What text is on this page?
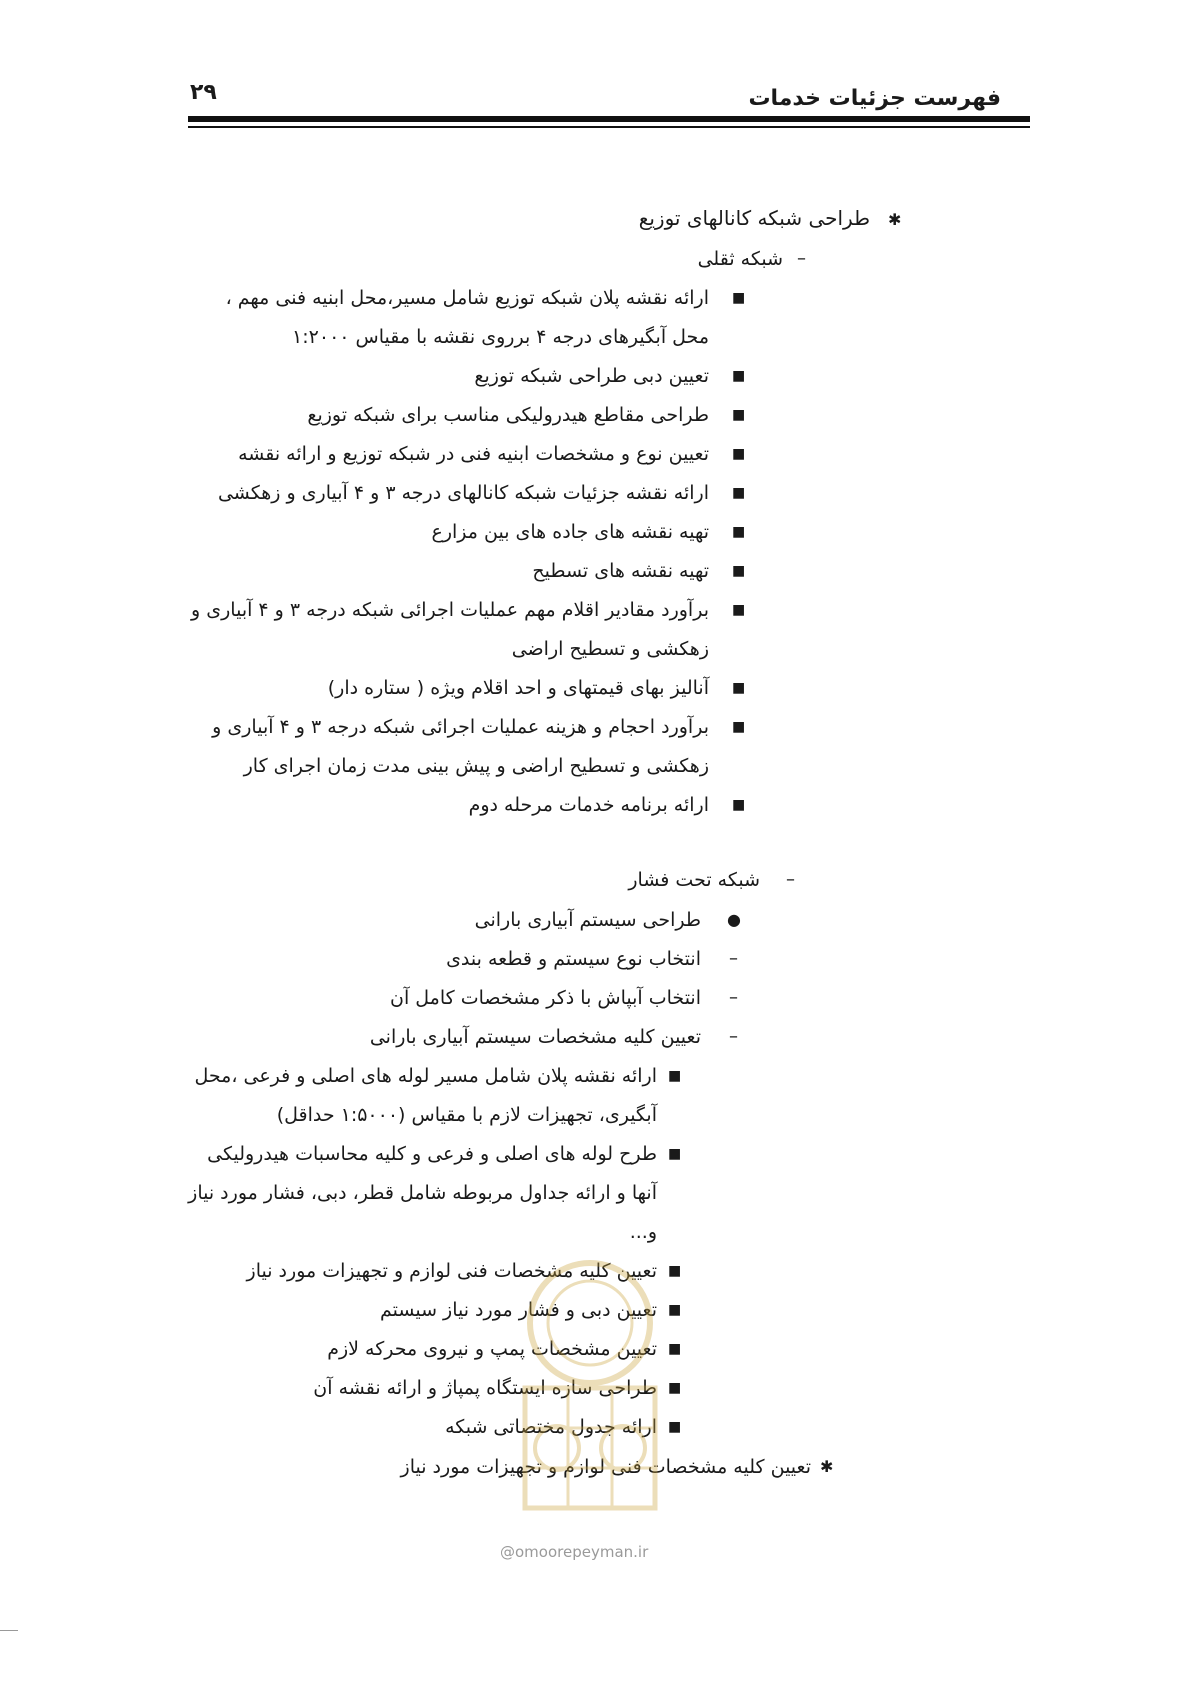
۲۹	فهرست جزئیات خدمات
✱
طراحی شبکه کانالهای توزیع
–
شبکه ثقلی
■
ارائه نقشه پلان شبکه توزیع شامل مسیر،محل ابنیه فنی مهم ،
محل آبگیرهای درجه ۴ برروی نقشه با مقیاس ۱:۲۰۰۰
■
تعیین دبی طراحی شبکه توزیع
■
طراحی مقاطع هیدرولیکی مناسب برای شبکه توزیع
■
تعیین نوع و مشخصات ابنیه فنی در شبکه توزیع و ارائه نقشه
■
ارائه نقشه جزئیات شبکه کانالهای درجه ۳ و ۴ آبیاری و زهکشی
■
تهیه نقشه های جاده های بین مزارع
■
تهیه نقشه های تسطیح
■
برآورد مقادیر اقلام مهم عملیات اجرائی شبکه درجه ۳ و ۴ آبیاری و
زهکشی و تسطیح اراضی
■
آنالیز بهای قیمتهای و احد اقلام ویژه ( ستاره دار)
■
برآورد احجام و هزینه عملیات اجرائی شبکه درجه ۳ و ۴ آبیاری و
زهکشی و تسطیح اراضی و پیش بینی مدت زمان اجرای کار
■
ارائه برنامه خدمات مرحله دوم
–
شبکه تحت فشار
●
طراحی سیستم آبیاری بارانی
–
انتخاب نوع سیستم و قطعه بندی
–
انتخاب آبپاش با ذکر مشخصات کامل آن
–
تعیین کلیه مشخصات سیستم آبیاری بارانی
■
ارائه نقشه پلان شامل مسیر لوله های اصلی و فرعی ،محل
آبگیری، تجهیزات لازم با مقیاس (۱:۵۰۰۰ حداقل)
■
طرح لوله های اصلی و فرعی و کلیه محاسبات هیدرولیکی
آنها و ارائه جداول مربوطه شامل قطر، دبی، فشار مورد نیاز
و...
■
تعیین کلیه مشخصات فنی لوازم و تجهیزات مورد نیاز
■
تعیین دبی و فشار مورد نیاز سیستم
■
تعیین مشخصات پمپ و نیروی محرکه لازم
■
طراحی سازه ایستگاه پمپاژ و ارائه نقشه آن
■
ارائه جدول مختصاتی شبکه
✱
تعیین کلیه مشخصات فنی لوازم و تجهیزات مورد نیاز
@omoorepeyman.ir
